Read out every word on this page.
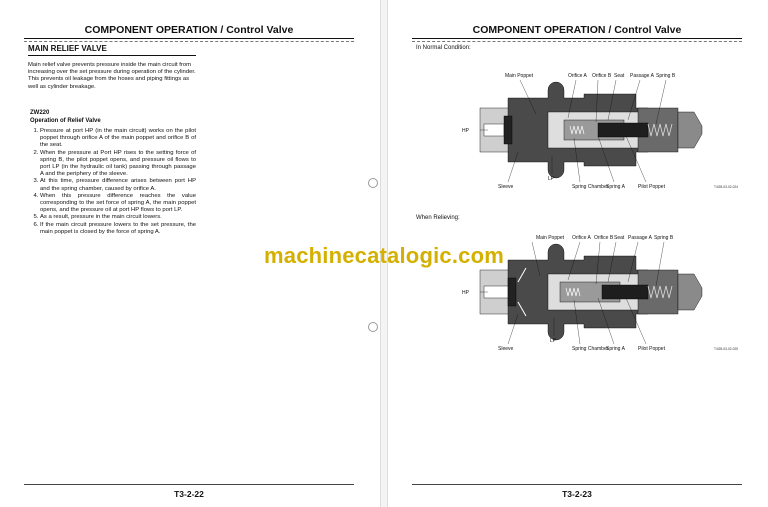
COMPONENT OPERATION / Control Valve
MAIN RELIEF VALVE

Main relief valve prevents pressure inside the main circuit from increasing over the set pressure during operation of the cylinder.

This prevents oil leakage from the hoses and piping fittings as well as cylinder breakage.

ZW220
Operation of Relief Valve
1. Pressure at port HP (in the main circuit) works on the pilot poppet through orifice A of the main poppet and orifice B of the seat.
2. When the pressure at Port HP rises to the setting force of spring B, the pilot poppet opens, and pressure oil flows to port LP (in the hydraulic oil tank) passing through passage A and the periphery of the sleeve.
3. At this time, pressure difference arises between port HP and the spring chamber, caused by orifice A.
4. When this pressure difference reaches the value corresponding to the set force of spring A, the main poppet opens, and the pressure oil at port HP flows to port LP.
5. As a result, pressure in the main circuit lowers.
6. If the main circuit pressure lowers to the set pressure, the main poppet is closed by the force of spring A.
T3-2-22
COMPONENT OPERATION / Control Valve
In Normal Condition:
Main Poppet	Orifice A Orifice B Seat Passage A Spring B
HP
Sleeve
LP
Spring Chamber
Spring A	Pilot Poppet	T4GB-03-02-024
When Relieving:
Main Poppet Orifice A Orifice B Seat Passage A Spring B
HP
Sleeve
LP
Spring Chamber
Spring A	Pilot Poppet	T4GB-03-02-025
T3-2-23
machinecatalogic.com
